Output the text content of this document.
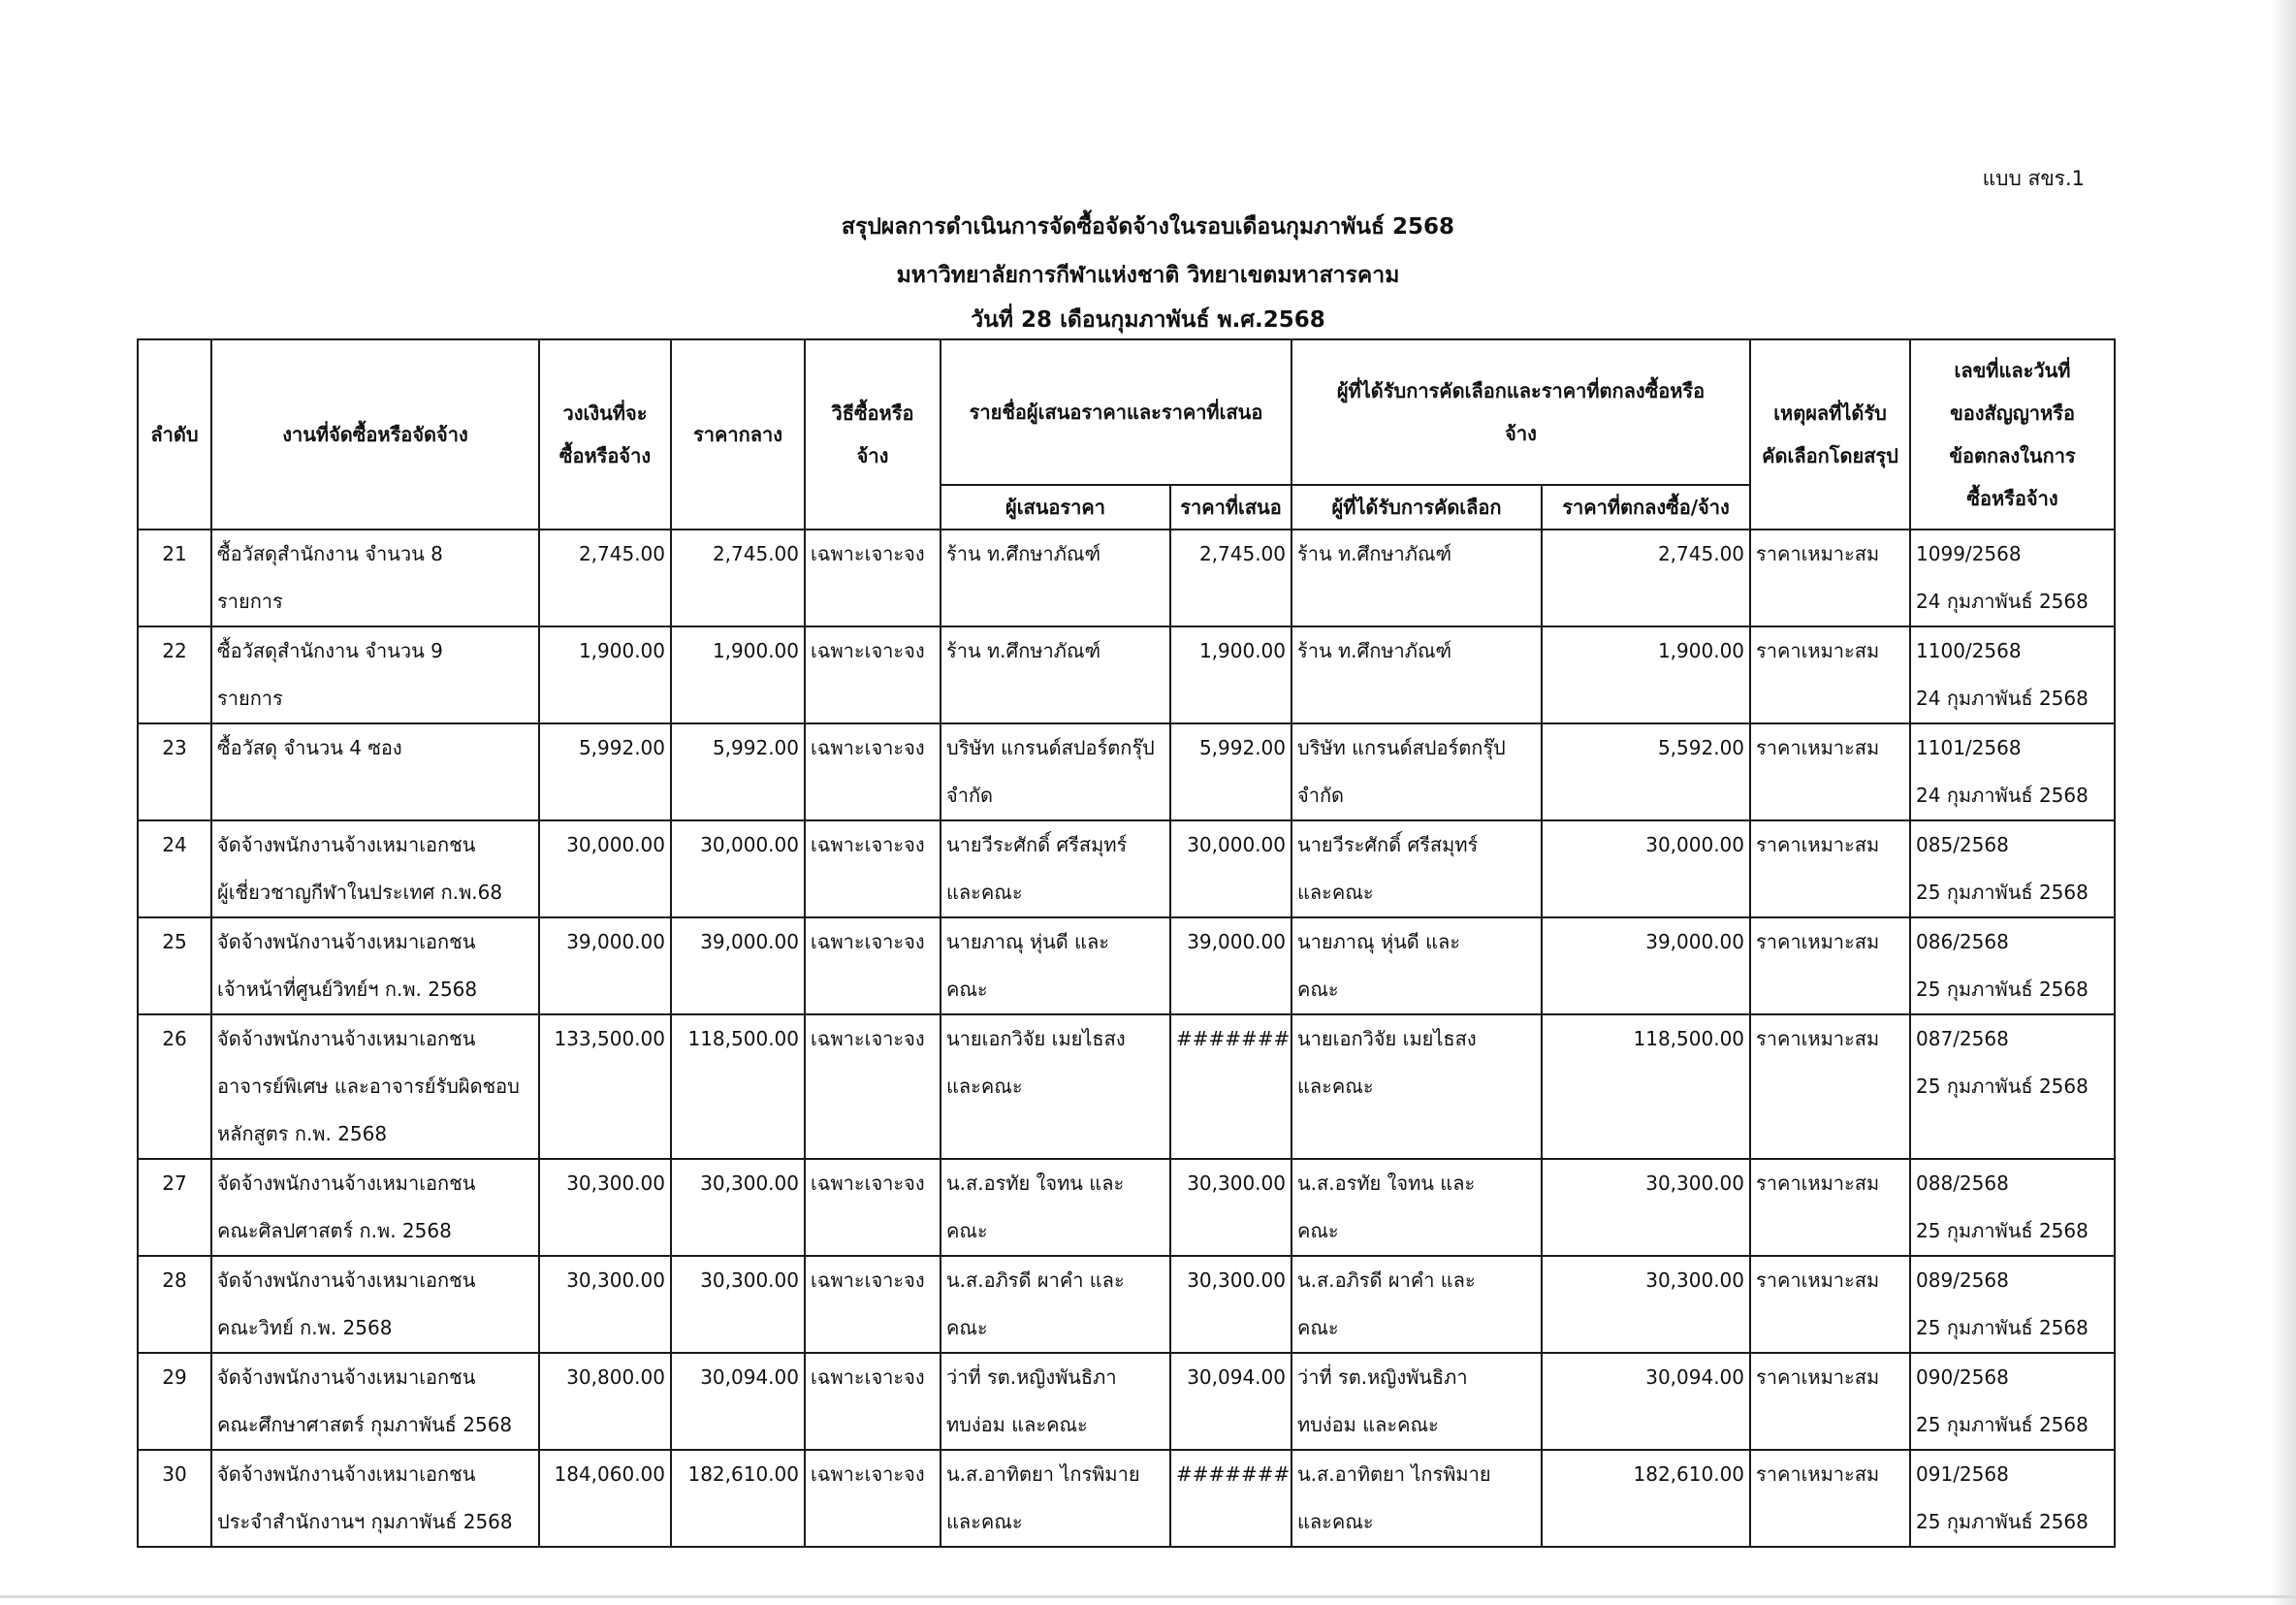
แบบ สขร.1
สรุปผลการดำเนินการจัดซื้อจัดจ้างในรอบเดือนกุมภาพันธ์ 2568
มหาวิทยาลัยการกีฬาแห่งชาติ วิทยาเขตมหาสารคาม
วันที่ 28 เดือนกุมภาพันธ์ พ.ศ.2568
ลำดับ	งานที่จัดซื้อหรือจัดจ้าง	วงเงินที่จะ
ซื้อหรือจ้าง	ราคากลาง	วิธีซื้อหรือ
จ้าง	รายชื่อผู้เสนอราคาและราคาที่เสนอ		ผู้ที่ได้รับการคัดเลือกและราคาที่ตกลงซื้อหรือ
จ้าง		เหตุผลที่ได้รับ
คัดเลือกโดยสรุป	เลขที่และวันที่
ของสัญญาหรือ
ข้อตกลงในการ
ซื้อหรือจ้าง
					ผู้เสนอราคา	ราคาที่เสนอ	ผู้ที่ได้รับการคัดเลือก	ราคาที่ตกลงซื้อ/จ้าง		
21	ซื้อวัสดุสำนักงาน จำนวน 8
รายการ	2,745.00	2,745.00	เฉพาะเจาะจง	ร้าน ท.ศึกษาภัณฑ์	2,745.00	ร้าน ท.ศึกษาภัณฑ์	2,745.00	ราคาเหมาะสม	1099/2568
24 กุมภาพันธ์ 2568
22	ซื้อวัสดุสำนักงาน จำนวน 9
รายการ	1,900.00	1,900.00	เฉพาะเจาะจง	ร้าน ท.ศึกษาภัณฑ์	1,900.00	ร้าน ท.ศึกษาภัณฑ์	1,900.00	ราคาเหมาะสม	1100/2568
24 กุมภาพันธ์ 2568
23	ซื้อวัสดุ จำนวน 4 ซอง	5,992.00	5,992.00	เฉพาะเจาะจง	บริษัท แกรนด์สปอร์ตกรุ๊ป
จำกัด	5,992.00	บริษัท แกรนด์สปอร์ตกรุ๊ป
จำกัด	5,592.00	ราคาเหมาะสม	1101/2568
24 กุมภาพันธ์ 2568
24	จัดจ้างพนักงานจ้างเหมาเอกชน
ผู้เชี่ยวชาญกีฬาในประเทศ ก.พ.68	30,000.00	30,000.00	เฉพาะเจาะจง	นายวีระศักดิ์ ศรีสมุทร์
และคณะ	30,000.00	นายวีระศักดิ์ ศรีสมุทร์
และคณะ	30,000.00	ราคาเหมาะสม	085/2568
25 กุมภาพันธ์ 2568
25	จัดจ้างพนักงานจ้างเหมาเอกชน
เจ้าหน้าที่ศูนย์วิทย์ฯ ก.พ. 2568	39,000.00	39,000.00	เฉพาะเจาะจง	นายภาณุ หุ่นดี และ
คณะ	39,000.00	นายภาณุ หุ่นดี และ
คณะ	39,000.00	ราคาเหมาะสม	086/2568
25 กุมภาพันธ์ 2568
26	จัดจ้างพนักงานจ้างเหมาเอกชน
อาจารย์พิเศษ และอาจารย์รับผิดชอบ
หลักสูตร ก.พ. 2568	133,500.00	118,500.00	เฉพาะเจาะจง	นายเอกวิจัย เมยไธสง
และคณะ	#######	นายเอกวิจัย เมยไธสง
และคณะ	118,500.00	ราคาเหมาะสม	087/2568
25 กุมภาพันธ์ 2568
27	จัดจ้างพนักงานจ้างเหมาเอกชน
คณะศิลปศาสตร์ ก.พ. 2568	30,300.00	30,300.00	เฉพาะเจาะจง	น.ส.อรทัย ใจทน และ
คณะ	30,300.00	น.ส.อรทัย ใจทน และ
คณะ	30,300.00	ราคาเหมาะสม	088/2568
25 กุมภาพันธ์ 2568
28	จัดจ้างพนักงานจ้างเหมาเอกชน
คณะวิทย์ ก.พ. 2568	30,300.00	30,300.00	เฉพาะเจาะจง	น.ส.อภิรดี ผาคำ และ
คณะ	30,300.00	น.ส.อภิรดี ผาคำ และ
คณะ	30,300.00	ราคาเหมาะสม	089/2568
25 กุมภาพันธ์ 2568
29	จัดจ้างพนักงานจ้างเหมาเอกชน
คณะศึกษาศาสตร์ กุมภาพันธ์ 2568	30,800.00	30,094.00	เฉพาะเจาะจง	ว่าที่ รต.หญิงพันธิภา
ทบง่อม และคณะ	30,094.00	ว่าที่ รต.หญิงพันธิภา
ทบง่อม และคณะ	30,094.00	ราคาเหมาะสม	090/2568
25 กุมภาพันธ์ 2568
30	จัดจ้างพนักงานจ้างเหมาเอกชน
ประจำสำนักงานฯ กุมภาพันธ์ 2568	184,060.00	182,610.00	เฉพาะเจาะจง	น.ส.อาทิตยา ไกรพิมาย
และคณะ	#######	น.ส.อาทิตยา ไกรพิมาย
และคณะ	182,610.00	ราคาเหมาะสม	091/2568
25 กุมภาพันธ์ 2568
